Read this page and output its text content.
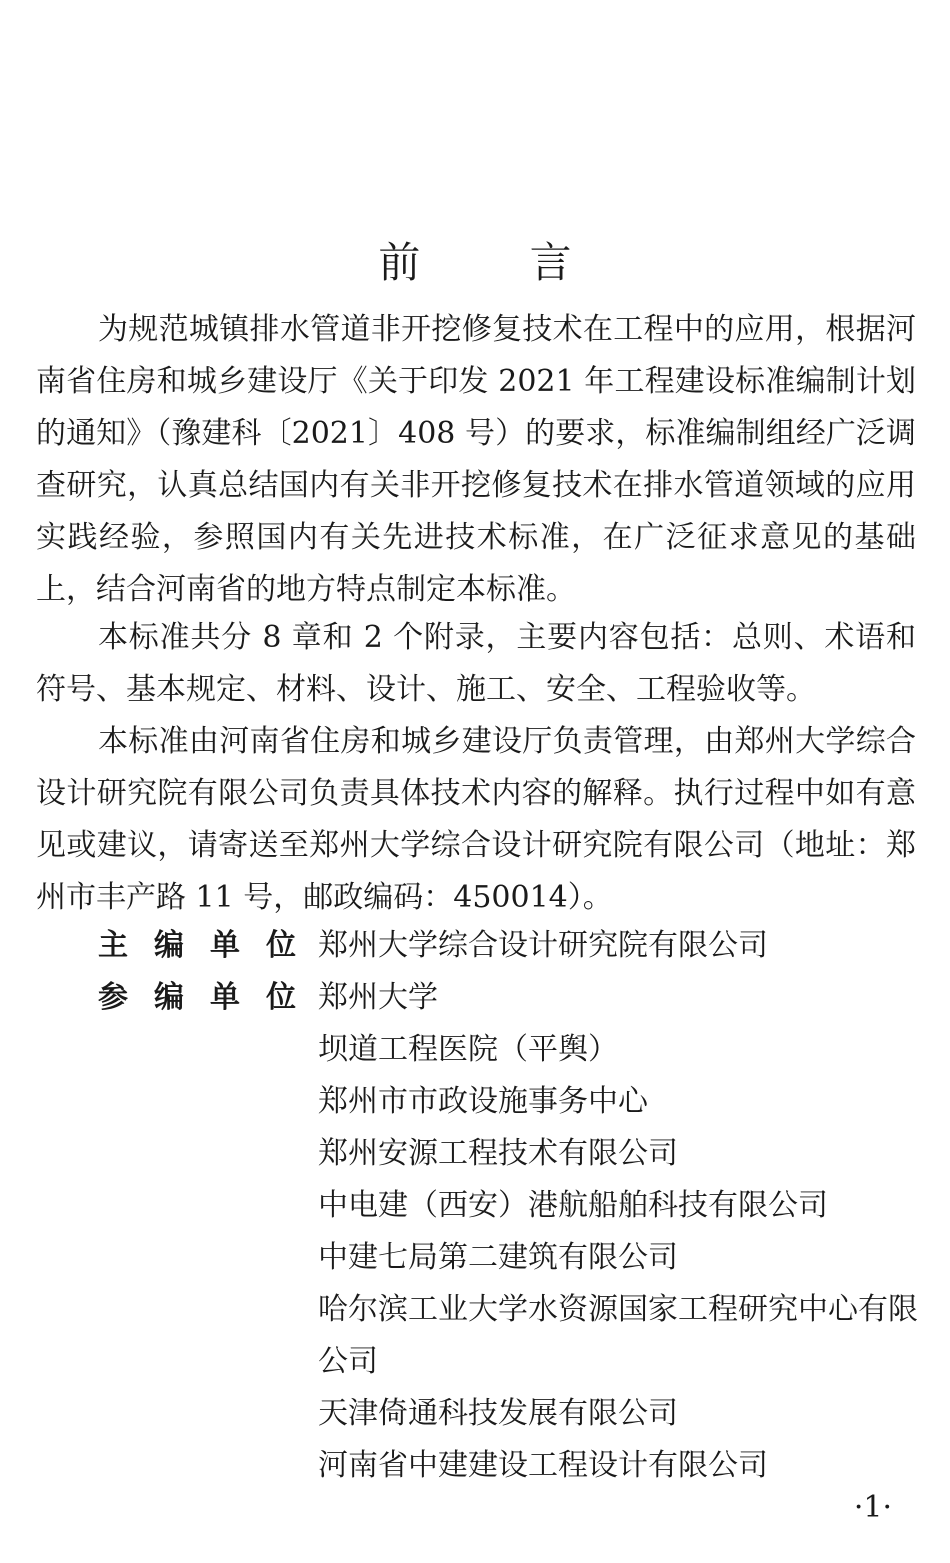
前 言

为规范城镇排水管道非开挖修复技术在工程中的应用，根据河南省住房和城乡建设厅《关于印发 2021 年工程建设标准编制计划的通知》（豫建科〔2021〕408 号）的要求，标准编制组经广泛调查研究，认真总结国内有关非开挖修复技术在排水管道领域的应用实践经验，参照国内有关先进技术标准，在广泛征求意见的基础上，结合河南省的地方特点制定本标准。

本标准共分 8 章和 2 个附录，主要内容包括：总则、术语和符号、基本规定、材料、设计、施工、安全、工程验收等。

本标准由河南省住房和城乡建设厅负责管理，由郑州大学综合设计研究院有限公司负责具体技术内容的解释。执行过程中如有意见或建议，请寄送至郑州大学综合设计研究院有限公司（地址：郑州市丰产路 11 号，邮政编码：450014）。

主编单位
郑州大学综合设计研究院有限公司
参编单位
郑州大学
坝道工程医院（平舆）
郑州市市政设施事务中心
郑州安源工程技术有限公司
中电建（西安）港航船舶科技有限公司
中建七局第二建筑有限公司
哈尔滨工业大学水资源国家工程研究中心有限公司
天津倚通科技发展有限公司
河南省中建建设工程设计有限公司
·1·
